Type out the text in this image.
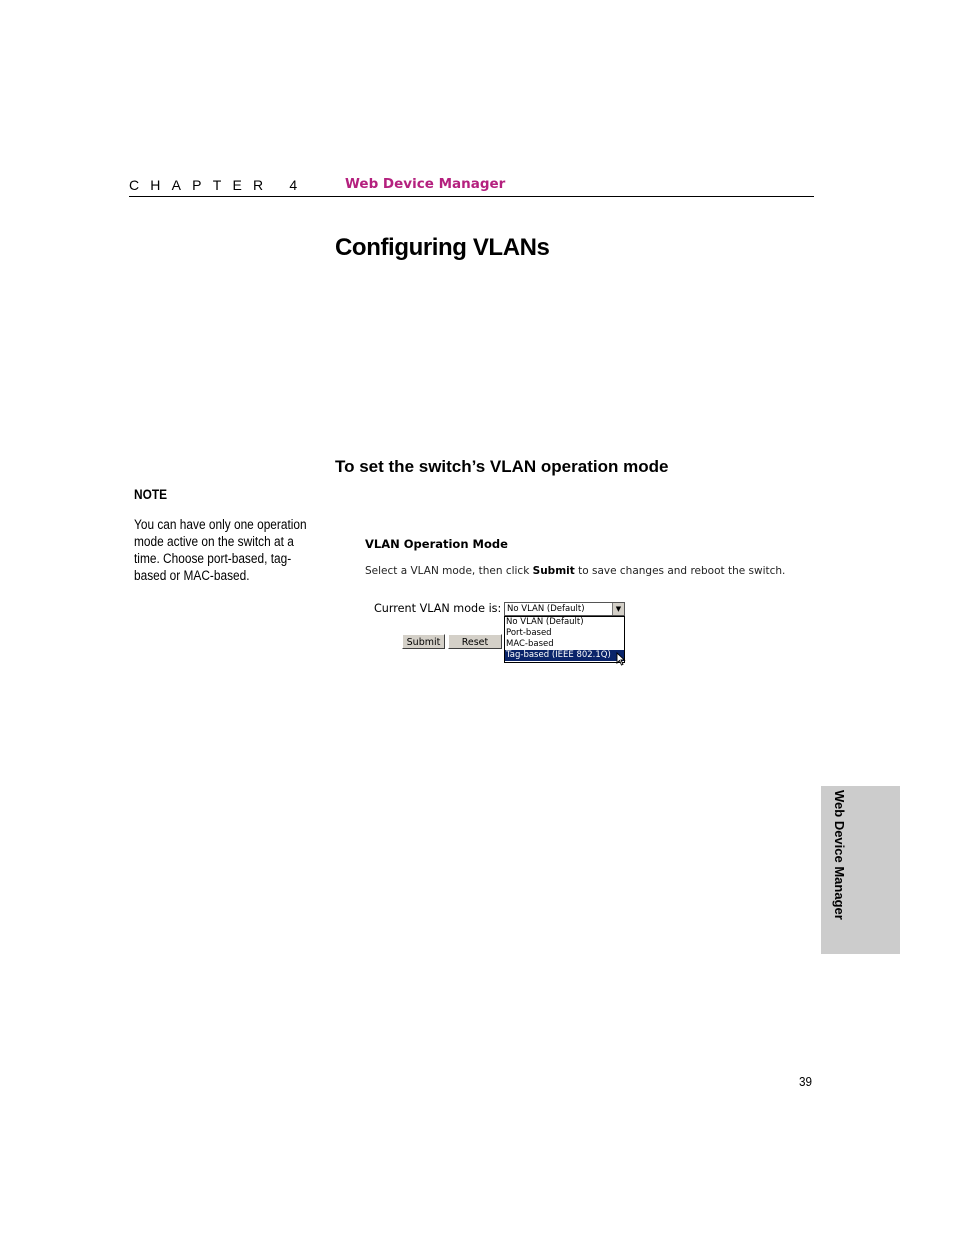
CHAPTER 4	Web Device Manager
Configuring VLANs
To set the switch’s VLAN operation mode
NOTE
You can have only one operation mode active on the switch at a time. Choose port-based, tag-based or MAC-based.
VLAN Operation Mode
Select a VLAN mode, then click Submit to save changes and reboot the switch.
Current VLAN mode is: No VLAN (Default)	▼
No VLAN (Default)
Port-based
MAC-based
Tag-based (IEEE 802.1Q)
Submit	Reset
Web Device Manager
39
